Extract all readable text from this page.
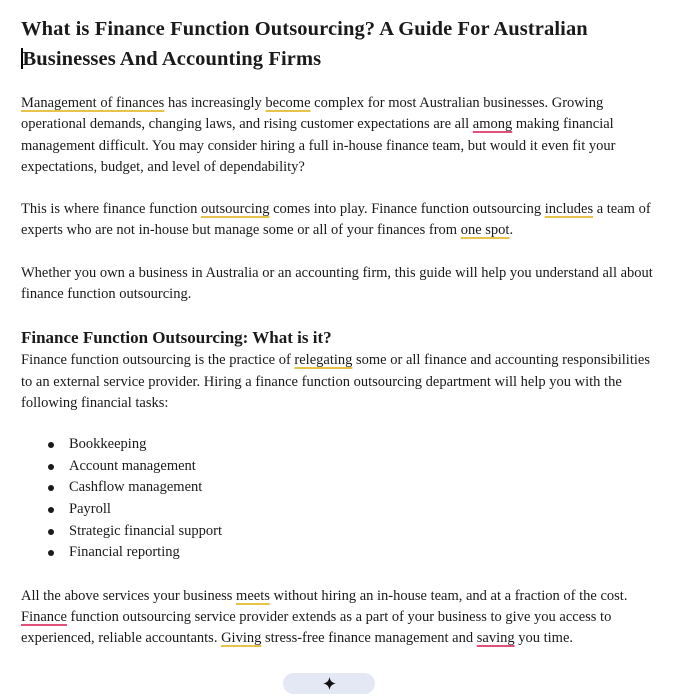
What is Finance Function Outsourcing? A Guide For Australian
Businesses And Accounting Firms

Management of finances has increasingly become complex for most Australian businesses. Growing operational demands, changing laws, and rising customer expectations are all among making financial management difficult. You may consider hiring a full in-house finance team, but would it even fit your expectations, budget, and level of dependability?

This is where finance function outsourcing comes into play. Finance function outsourcing includes a team of experts who are not in-house but manage some or all of your finances from one spot.

Whether you own a business in Australia or an accounting firm, this guide will help you understand all about finance function outsourcing.

Finance Function Outsourcing: What is it?

Finance function outsourcing is the practice of relegating some or all finance and accounting responsibilities to an external service provider. Hiring a finance function outsourcing department will help you with the following financial tasks:

Bookkeeping
Account management
Cashflow management
Payroll
Strategic financial support
Financial reporting

All the above services your business meets without hiring an in-house team, and at a fraction of the cost. Finance function outsourcing service provider extends as a part of your business to give you access to experienced, reliable accountants. Giving stress-free finance management and saving you time.
